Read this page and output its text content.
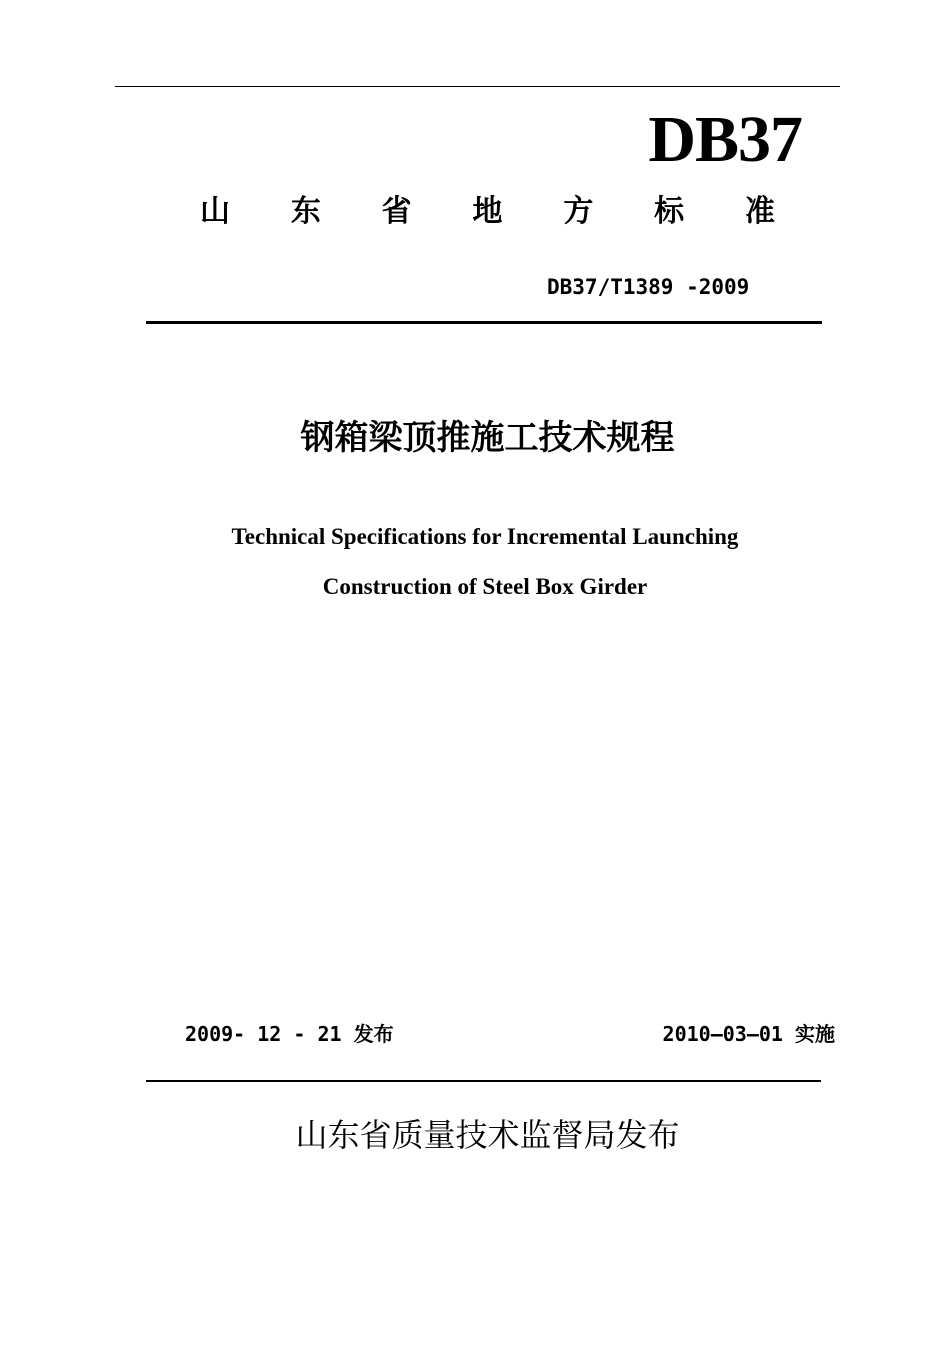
DB37
山 东 省 地 方 标 准
DB37/T1389 -2009
钢箱梁顶推施工技术规程
Technical Specifications for Incremental Launching
Construction of Steel Box Girder
2009- 12 - 21 发布	2010—03—01 实施
山东省质量技术监督局发布
